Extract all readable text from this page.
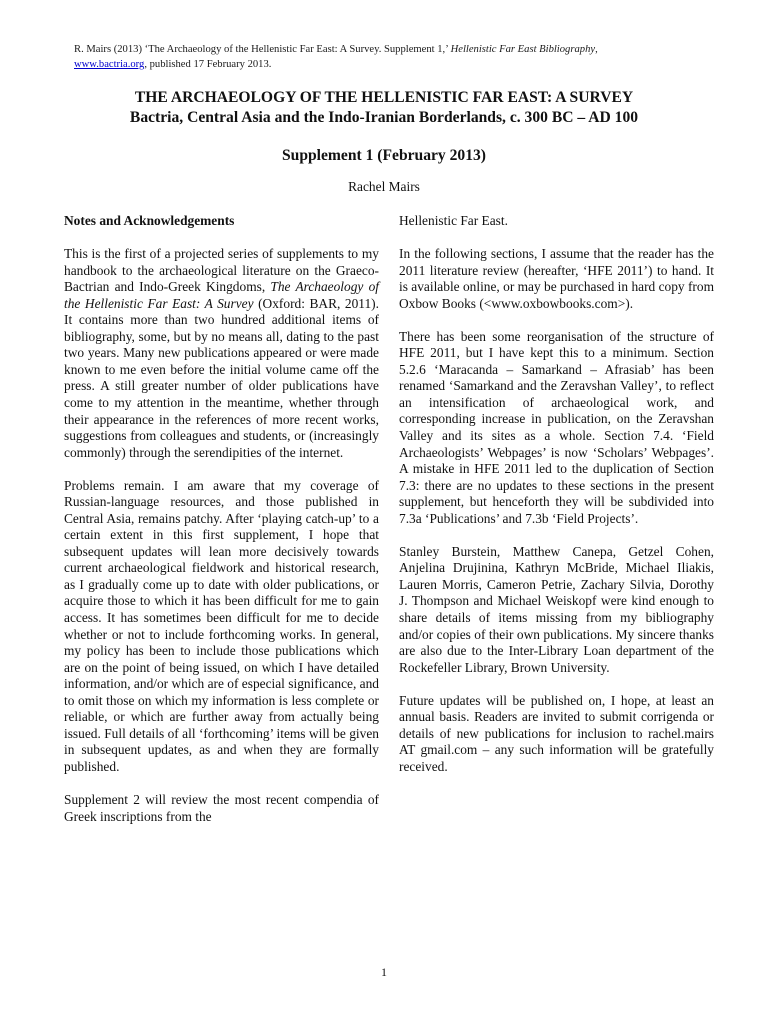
R. Mairs (2013) ‘The Archaeology of the Hellenistic Far East: A Survey. Supplement 1,’ Hellenistic Far East Bibliography,
www.bactria.org, published 17 February 2013.
THE ARCHAEOLOGY OF THE HELLENISTIC FAR EAST: A SURVEY
Bactria, Central Asia and the Indo-Iranian Borderlands, c. 300 BC – AD 100
Supplement 1 (February 2013)
Rachel Mairs
Notes and Acknowledgements

This is the first of a projected series of supplements to my handbook to the archaeological literature on the Graeco-Bactrian and Indo-Greek Kingdoms, The Archaeology of the Hellenistic Far East: A Survey (Oxford: BAR, 2011). It contains more than two hundred additional items of bibliography, some, but by no means all, dating to the past two years. Many new publications appeared or were made known to me even before the initial volume came off the press. A still greater number of older publications have come to my attention in the meantime, whether through their appearance in the references of more recent works, suggestions from colleagues and students, or (increasingly commonly) through the serendipities of the internet.

Problems remain. I am aware that my coverage of Russian-language resources, and those published in Central Asia, remains patchy. After ‘playing catch-up’ to a certain extent in this first supplement, I hope that subsequent updates will lean more decisively towards current archaeological fieldwork and historical research, as I gradually come up to date with older publications, or acquire those to which it has been difficult for me to gain access. It has sometimes been difficult for me to decide whether or not to include forthcoming works. In general, my policy has been to include those publications which are on the point of being issued, on which I have detailed information, and/or which are of especial significance, and to omit those on which my information is less complete or reliable, or which are further away from actually being issued. Full details of all ‘forthcoming’ items will be given in subsequent updates, as and when they are formally published.

Supplement 2 will review the most recent compendia of Greek inscriptions from the

Hellenistic Far East.

In the following sections, I assume that the reader has the 2011 literature review (hereafter, ‘HFE 2011’) to hand. It is available online, or may be purchased in hard copy from Oxbow Books (<www.oxbowbooks.com>).

There has been some reorganisation of the structure of HFE 2011, but I have kept this to a minimum. Section 5.2.6 ‘Maracanda – Samarkand – Afrasiab’ has been renamed ‘Samarkand and the Zeravshan Valley’, to reflect an intensification of archaeological work, and corresponding increase in publication, on the Zeravshan Valley and its sites as a whole. Section 7.4. ‘Field Archaeologists’ Webpages’ is now ‘Scholars’ Webpages’. A mistake in HFE 2011 led to the duplication of Section 7.3: there are no updates to these sections in the present supplement, but henceforth they will be subdivided into 7.3a ‘Publications’ and 7.3b ‘Field Projects’.

Stanley Burstein, Matthew Canepa, Getzel Cohen, Anjelina Drujinina, Kathryn McBride, Michael Iliakis, Lauren Morris, Cameron Petrie, Zachary Silvia, Dorothy J. Thompson and Michael Weiskopf were kind enough to share details of items missing from my bibliography and/or copies of their own publications. My sincere thanks are also due to the Inter-Library Loan department of the Rockefeller Library, Brown University.

Future updates will be published on, I hope, at least an annual basis. Readers are invited to submit corrigenda or details of new publications for inclusion to rachel.mairs AT gmail.com – any such information will be gratefully received.

1
